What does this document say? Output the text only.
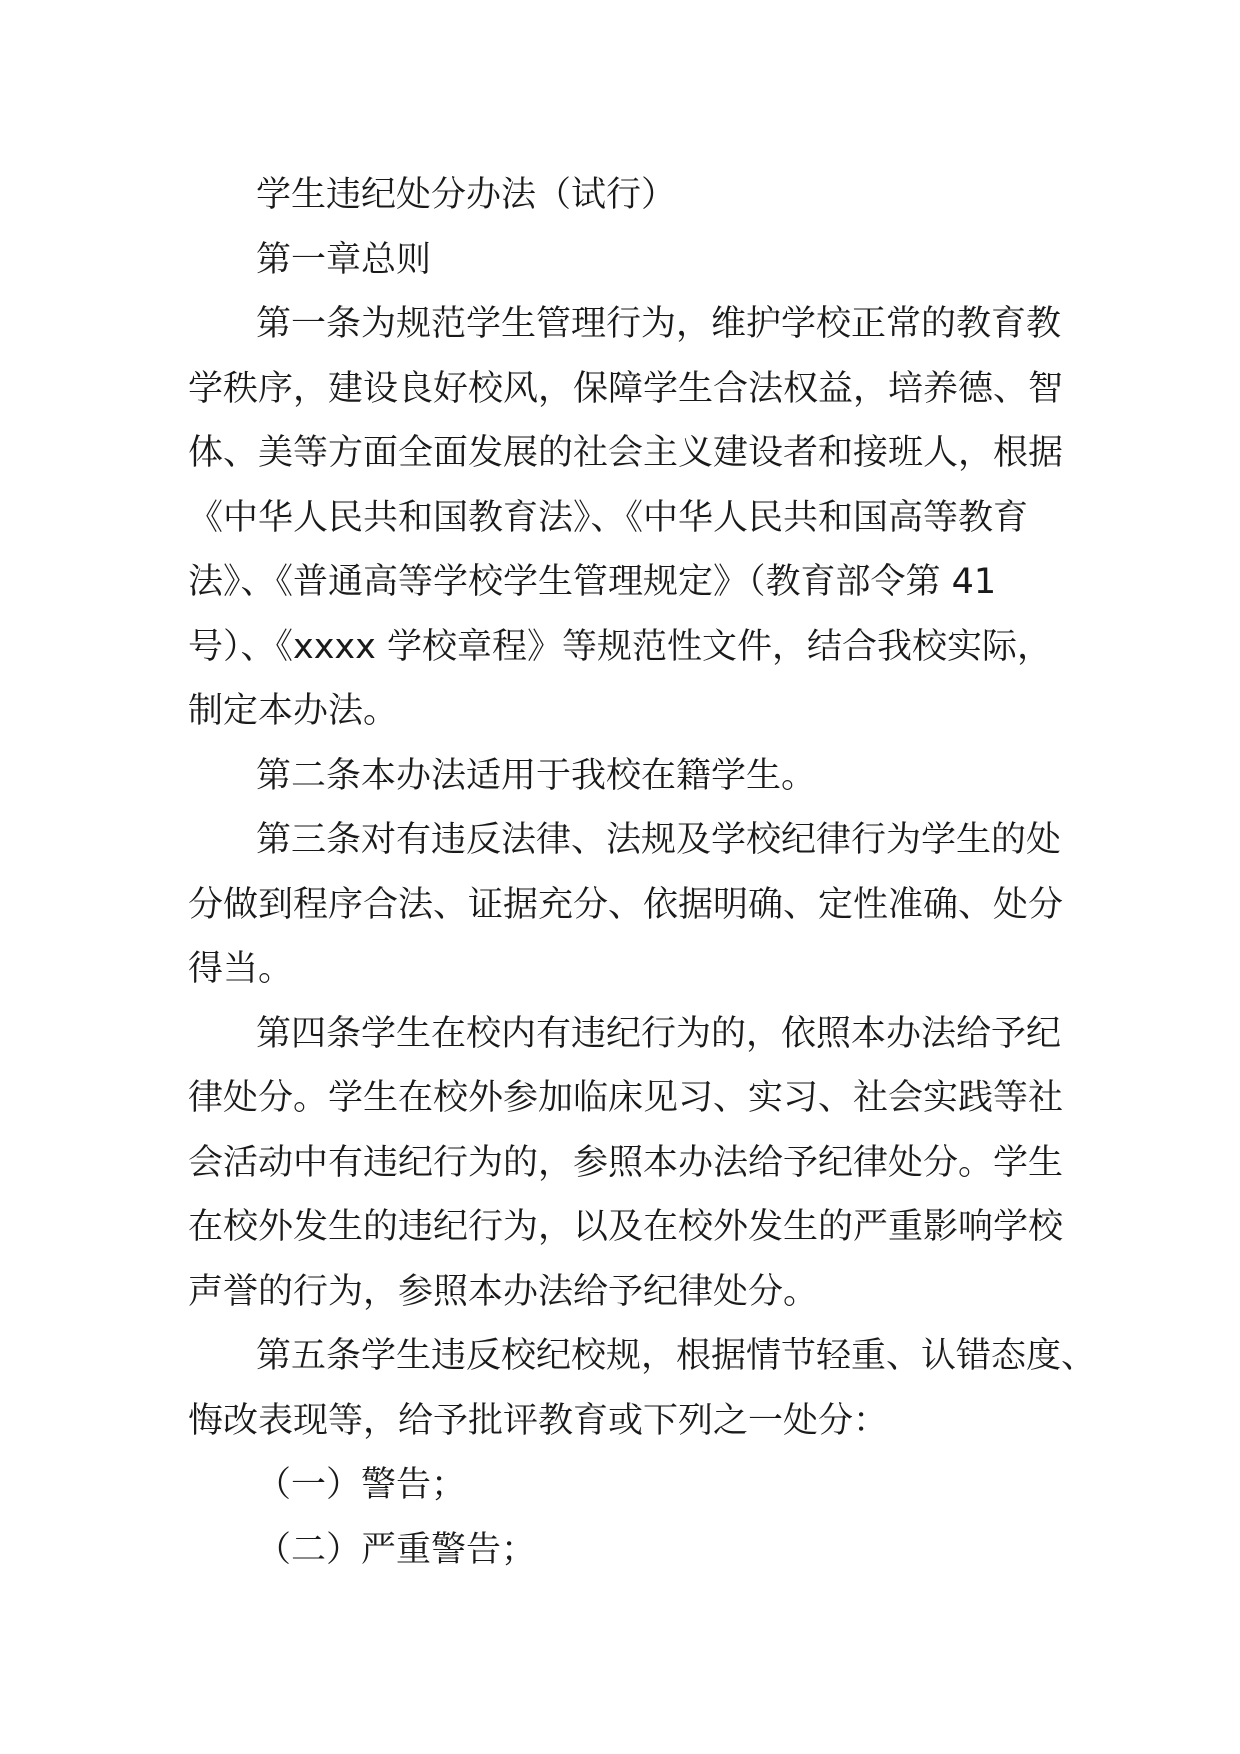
学生违纪处分办法（试行）
第一章总则
第一条为规范学生管理行为，维护学校正常的教育教
学秩序，建设良好校风，保障学生合法权益，培养德、智
体、美等方面全面发展的社会主义建设者和接班人，根据
《中华人民共和国教育法》、《中华人民共和国高等教育
法》、《普通高等学校学生管理规定》（教育部令第 41
号）、《xxxx 学校章程》等规范性文件，结合我校实际，
制定本办法。
第二条本办法适用于我校在籍学生。
第三条对有违反法律、法规及学校纪律行为学生的处
分做到程序合法、证据充分、依据明确、定性准确、处分
得当。
第四条学生在校内有违纪行为的，依照本办法给予纪
律处分。学生在校外参加临床见习、实习、社会实践等社
会活动中有违纪行为的，参照本办法给予纪律处分。学生
在校外发生的违纪行为，以及在校外发生的严重影响学校
声誉的行为，参照本办法给予纪律处分。
第五条学生违反校纪校规，根据情节轻重、认错态度、
悔改表现等，给予批评教育或下列之一处分：
（一）警告；
（二）严重警告；
